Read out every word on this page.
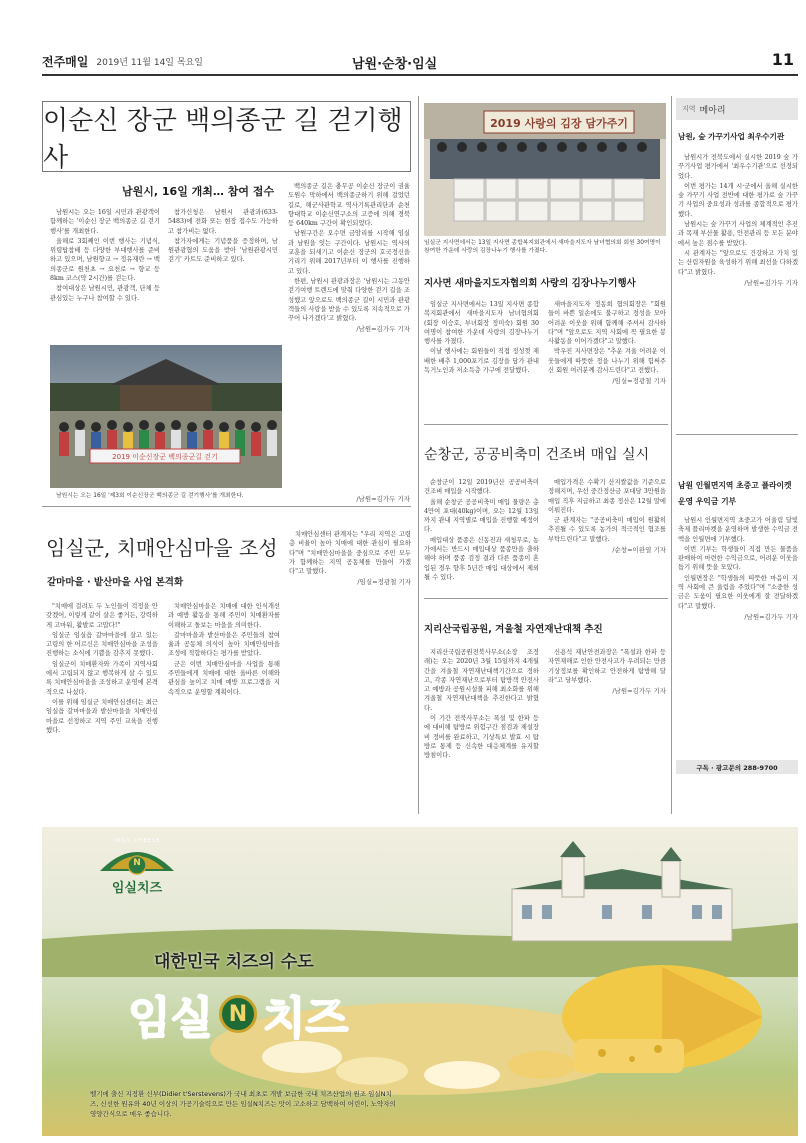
전주매일 2019년 11월 14일 목요일	남원·순창·임실	11
이순신 장군 백의종군 길 걷기행사
남원시, 16일 개최… 참여 접수

남원시는 오는 16일 시민과 관광객이 함께하는 '이순신 장군 백의종군 길 걷기행사'를 개최한다.

올해로 3회째인 이번 행사는 기념식, 위령탑참배 등 다양한 부대행사를 준비하고 있으며, 남원향교 → 정유재란 → 백의종군로 원천초 → 요천로 → 향교 등 8km 코스(약 2시간)를 걷는다.

참여대상은 남원시민, 관광객, 단체 등 관심있는 누구나 참여할 수 있다.

참가신청은 남원시 관광과(633-5483)에 전화 또는 현장 접수도 가능하고 참가비는 없다.

참가자에게는 기념품을 증정하며, 남원관광협의 도움을 받아 '남원관광시민걷기' 카트도 준비하고 있다.

백의종군 길은 충무공 이순신 장군이 권율 도원수 막하에서 백의종군하기 위해 걸었던 길로, 해군사관학교 역사기록관리단과 순천향대학교 이순신연구소의 고증에 의해 경북 등 640km 구간이 확인되었다.

남원구간은 오수면 금암리를 시작해 임실과 남원을 잇는 구간이다. 남원시는 역사의 교훈을 되새기고 이순신 장군의 호국정신을 기리기 위해 2017년부터 이 행사를 진행하고 있다.

한편, 남원시 관광과장은 '남원시는 그동안 걷기여행 트렌드에 맞춰 다양한 걷기 길을 조성했고 앞으로도 백의종군 길이 시민과 관광객들의 사랑을 받을 수 있도록 지속적으로 가꾸어 나가겠다'고 밝혔다.

/남원=김가두 기자
2019 이순신장군 백의종군길 걷기
남원시는 오는 16일 '제3회 이순신장군 백의종군 길 걷기행사'를 개최한다.	/남원=김가두 기자
임실군, 치매안심마을 조성
갈마마을 · 밭산마을 사업 본격화

"치매에 걸려도 두 노인들이 걱정을 안 갖겠어, 이렇게 같이 살은 좋거든, 강력하게 고마워, 활발로 고맙다!"

임실군 임실읍 갈마마을에 살고 있는 고령의 한 어르신은 치매안심마을 조성을 진행하는 소식에 기쁨을 감추지 못했다.

임실군이 치매환자와 가족이 지역사회에서 고립되지 않고 행복하게 살 수 있도록 치매안심마을을 조성하고 운영에 본격적으로 나섰다.

이를 위해 임실군 치매안심센터는 최근 임실읍 갈마마을과 밭산마을을 치매안심마을로 선정하고 지역 주민 교육을 진행했다.

치매안심마을은 치매에 대한 인식개선과 예방 활동을 통해 주민이 치매환자를 이해하고 돌보는 마을을 의미한다.

갈마마을과 밭산마을은 주민들의 참여율과 공동체 의식이 높아 치매안심마을 조성에 적합하다는 평가를 받았다.

군은 이번 치매안심마을 사업을 통해 주민들에게 치매에 대한 올바른 이해와 관심을 높이고 치매 예방 프로그램을 지속적으로 운영할 계획이다.

치매안심센터 관계자는 "우리 지역은 고령층 비율이 높아 치매에 대한 관심이 필요하다"며 "치매안심마을을 중심으로 주민 모두가 함께하는 지역 공동체를 만들어 가겠다"고 말했다.

/임실=정광철 기자
2019 사랑의 김장 담가주기
임실군 지사면에서는 13일 지사면 종합복지회관에서 새마을지도자 남녀협의회 회원 30여명이 참여한 가운데 사랑의 김장나누기 행사를 가졌다.
지사면 새마을지도자협의회 사랑의 김장나누기행사

임실군 지사면에서는 13일 지사면 종합복지회관에서 새마을지도자 남녀협의회(회장 이승호, 부녀회장 정미숙) 회원 30여명이 참여한 가운데 사랑의 김장나누기 행사를 가졌다.

이날 행사에는 회원들이 직접 정성껏 재배한 배추 1,000포기로 김장을 담가 관내 독거노인과 저소득층 가구에 전달했다.

새마을지도자 정동희 협의회장은 "회원들이 바쁜 일손에도 불구하고 정성을 모아 어려운 이웃을 위해 함께해 주셔서 감사하다"며 "앞으로도 지역 사회에 꼭 필요한 봉사활동을 이어가겠다"고 말했다.

박우진 지사면장은 "추운 겨울 어려운 이웃들에게 따뜻한 정을 나누기 위해 힘써주신 회원 여러분께 감사드린다"고 전했다.

/임실=정광철 기자
순창군, 공공비축미 건조벼 매입 실시

순창군이 12일 2019년산 공공비축미 건조벼 매입을 시작했다.

올해 순창군 공공비축미 매입 물량은 총 4만여 포대(40kg)이며, 오는 12월 13일까지 관내 지역별로 매입을 진행할 예정이다.

매입대상 품종은 신동진과 새청무로, 농가에서는 반드시 매입대상 품종만을 출하해야 하며 품종 검정 결과 다른 품종이 혼입된 경우 향후 5년간 매입 대상에서 제외될 수 있다.

매입가격은 수확기 산지쌀값을 기준으로 정해지며, 우선 중간정산금 포대당 3만원을 매입 직후 지급하고 최종 정산은 12월 말에 이뤄진다.

군 관계자는 "공공비축미 매입이 원활히 추진될 수 있도록 농가의 적극적인 협조를 부탁드린다"고 말했다.

/순창=이완열 기자
지리산국립공원, 겨울철 자연재난대책 추진

지리산국립공원전북사무소(소장 조정래)는 오는 2020년 3월 15일까지 4개월간을 겨울철 자연재난대책기간으로 정하고, 각종 자연재난으로부터 탐방객 안전사고 예방과 공원시설물 피해 최소화를 위해 겨울철 자연재난대책을 추진한다고 밝혔다.

이 기간 전북사무소는 폭설 및 한파 등에 대비해 탐방로 위험구간 점검과 제설장비 정비를 완료하고, 기상특보 발효 시 탐방로 통제 등 신속한 대응체계를 유지할 방침이다.

신용석 재난안전과장은 "폭설과 한파 등 자연재해로 인한 안전사고가 우려되는 만큼 기상정보를 확인하고 안전하게 탐방해 달라"고 당부했다.

/남원=김가두 기자
지역 메아리
남원, 숲 가꾸기사업 최우수기관

남원시가 전북도에서 실시한 2019 숲 가꾸기사업 평가에서 '최우수기관'으로 선정되었다.

이번 평가는 14개 시·군에서 올해 실시한 숲 가꾸기 사업 전반에 대한 평가로 숲 가꾸기 사업의 중요성과 성과를 종합적으로 평가했다.

남원시는 숲 가꾸기 사업의 체계적인 추진과 목재 부산물 활용, 안전관리 등 모든 분야에서 높은 점수를 받았다.

시 관계자는 "앞으로도 건강하고 가치 있는 산림자원을 육성하기 위해 최선을 다하겠다"고 밝혔다.

/남원=김가두 기자
남원 인월면지역 초중고 플라이켓 운영 우익금 기부

남원시 인월면지역 초중고가 어울림 달빛축제 플리마켓을 운영하며 발생한 수익금 전액을 인월면에 기부했다.

이번 기부는 학생들이 직접 만든 물품을 판매하여 마련한 수익금으로, 어려운 이웃을 돕기 위해 뜻을 모았다.

인월면장은 "학생들의 따뜻한 마음이 지역 사회에 큰 울림을 주었다"며 "소중한 성금은 도움이 필요한 이웃에게 잘 전달하겠다"고 말했다.

/남원=김가두 기자
구독 · 광고문의 288-9700
IMSIL CHEESE
N
임실치즈
대한민국 치즈의 수도
임실 N 치즈
벨기에 출신 지정환 신부(Didier t'Serstevens)가 국내 최초로 개발 보급한 국내 치즈산업의 원조 임실N치즈, 신선한 원유와 40년 이상의 가공기술력으로 만든 임실N치즈는 맛이 고소하고 담백하여 어린이, 노약자의 영양간식으로 매우 좋습니다.
